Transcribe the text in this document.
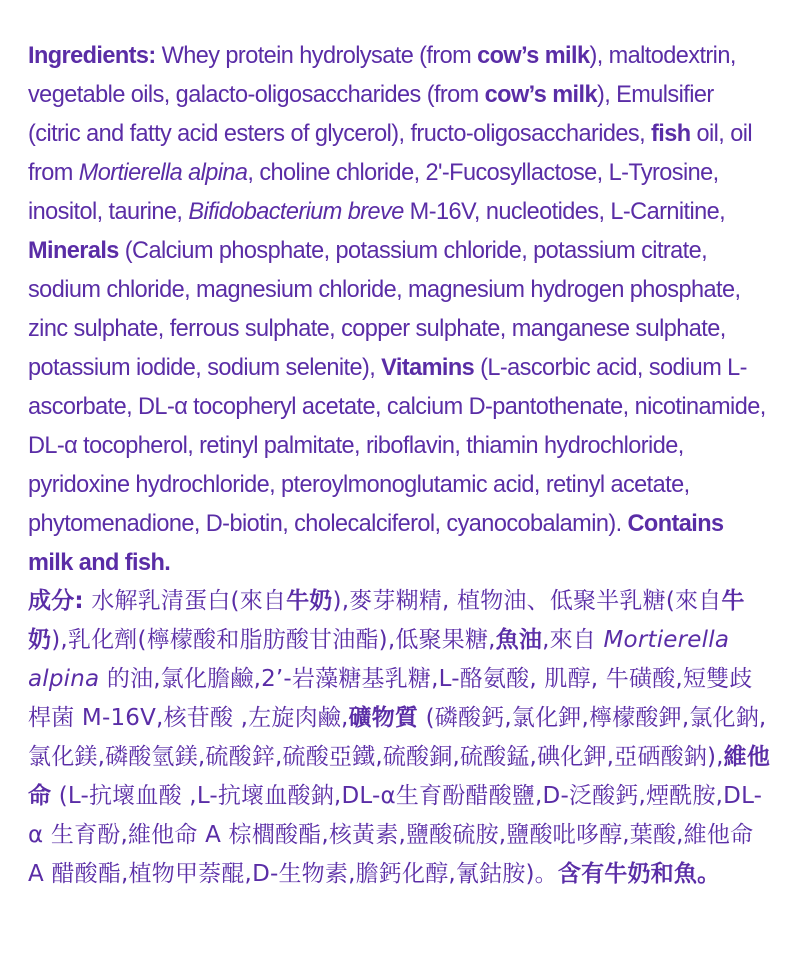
Ingredients: Whey protein hydrolysate (from cow’s milk), maltodextrin, vegetable oils, galacto-oligosaccharides (from cow’s milk), Emulsifier (citric and fatty acid esters of glycerol), fructo-oligosaccharides, fish oil, oil from Mortierella alpina, choline chloride, 2'-Fucosyllactose, L-Tyrosine, inositol, taurine, Bifidobacterium breve M-16V, nucleotides, L-Carnitine, Minerals (Calcium phosphate, potassium chloride, potassium citrate, sodium chloride, magnesium chloride, magnesium hydrogen phosphate, zinc sulphate, ferrous sulphate, copper sulphate, manganese sulphate, potassium iodide, sodium selenite), Vitamins (L-ascorbic acid, sodium L-ascorbate, DL-α tocopheryl acetate, calcium D-pantothenate, nicotinamide, DL-α tocopherol, retinyl palmitate, riboflavin, thiamin hydrochloride, pyridoxine hydrochloride, pteroylmonoglutamic acid, retinyl acetate, phytomenadione, D-biotin, cholecalciferol, cyanocobalamin). Contains milk and fish.

成分: 水解乳清蛋白(來自牛奶),麥芽糊精, 植物油、低聚半乳糖(來自牛奶),乳化劑(檸檬酸和脂肪酸甘油酯),低聚果糖,魚油,來自 Mortierella alpina 的油,氯化膽鹼,2’-岩藻糖基乳糖,L-酪氨酸, 肌醇, 牛磺酸,短雙歧桿菌 M-16V,核苷酸 ,左旋肉鹼,礦物質 (磷酸鈣,氯化鉀,檸檬酸鉀,氯化鈉, 氯化鎂,磷酸氫鎂,硫酸鋅,硫酸亞鐵,硫酸銅,硫酸錳,碘化鉀,亞硒酸鈉),維他命 (L-抗壞血酸 ,L-抗壞血酸鈉,DL-α生育酚醋酸鹽,D-泛酸鈣,煙酰胺,DL-α 生育酚,維他命 A 棕櫚酸酯,核黃素,鹽酸硫胺,鹽酸吡哆醇,葉酸,維他命 A 醋酸酯,植物甲萘醌,D-生物素,膽鈣化醇,氰鈷胺)。含有牛奶和魚。
